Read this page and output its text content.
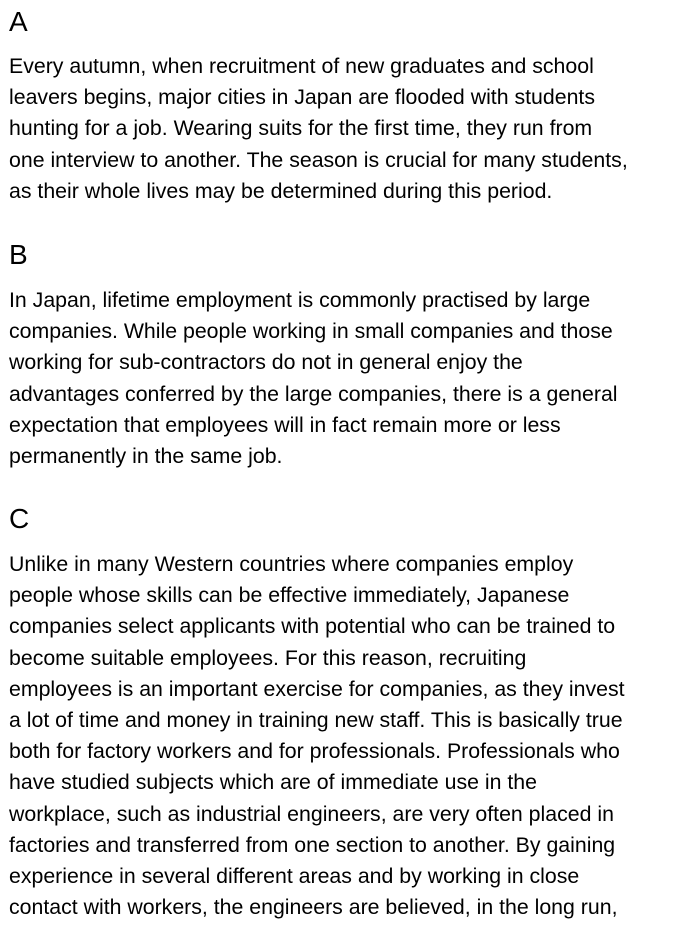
A
Every autumn, when recruitment of new graduates and school
leavers begins, major cities in Japan are flooded with students
hunting for a job. Wearing suits for the first time, they run from
one interview to another. The season is crucial for many students,
as their whole lives may be determined during this period.
B
In Japan, lifetime employment is commonly practised by large
companies. While people working in small companies and those
working for sub-contractors do not in general enjoy the
advantages conferred by the large companies, there is a general
expectation that employees will in fact remain more or less
permanently in the same job.
C
Unlike in many Western countries where companies employ
people whose skills can be effective immediately, Japanese
companies select applicants with potential who can be trained to
become suitable employees. For this reason, recruiting
employees is an important exercise for companies, as they invest
a lot of time and money in training new staff. This is basically true
both for factory workers and for professionals. Professionals who
have studied subjects which are of immediate use in the
workplace, such as industrial engineers, are very often placed in
factories and transferred from one section to another. By gaining
experience in several different areas and by working in close
contact with workers, the engineers are believed, in the long run,
